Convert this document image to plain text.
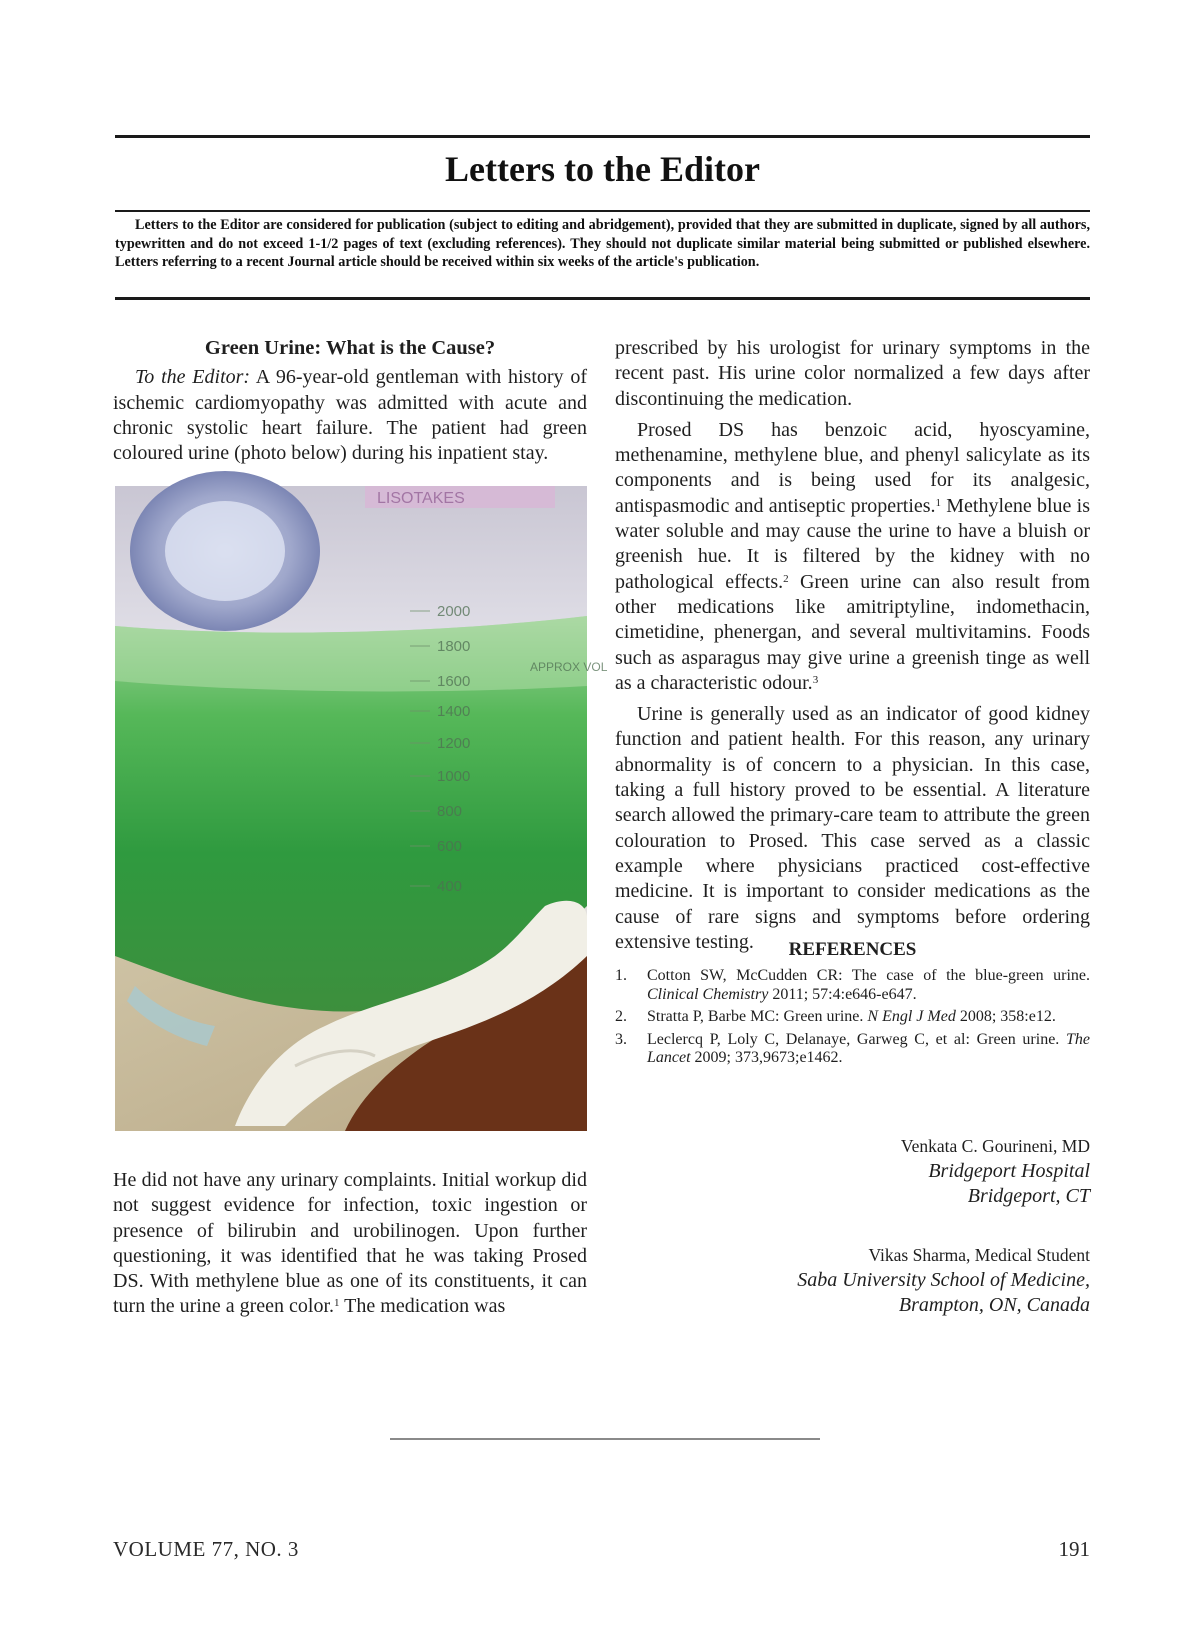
Letters to the Editor

Letters to the Editor are considered for publication (subject to editing and abridgement), provided that they are submitted in duplicate, signed by all authors, typewritten and do not exceed 1-1/2 pages of text (excluding references). They should not duplicate similar material being submitted or published elsewhere. Letters referring to a recent Journal article should be received within six weeks of the article's publication.

Green Urine: What is the Cause?

To the Editor: A 96-year-old gentleman with history of ischemic cardiomyopathy was admitted with acute and chronic systolic heart failure. The patient had green coloured urine (photo below) during his inpatient stay.

LISOTAKES
2000
1800
1600
1400
1200
1000
800
600
400
APPROX VOL

He did not have any urinary complaints. Initial workup did not suggest evidence for infection, toxic ingestion or presence of bilirubin and urobilinogen. Upon further questioning, it was identified that he was taking Prosed DS. With methylene blue as one of its constituents, it can turn the urine a green color.$^1$ The medication was

prescribed by his urologist for urinary symptoms in the recent past. His urine color normalized a few days after discontinuing the medication.

Prosed DS has benzoic acid, hyoscyamine, methenamine, methylene blue, and phenyl salicylate as its components and is being used for its analgesic, antispasmodic and antiseptic properties.$^1$ Methylene blue is water soluble and may cause the urine to have a bluish or greenish hue. It is filtered by the kidney with no pathological effects.$^2$ Green urine can also result from other medications like amitriptyline, indomethacin, cimetidine, phenergan, and several multivitamins. Foods such as asparagus may give urine a greenish tinge as well as a characteristic odour.$^3$

Urine is generally used as an indicator of good kidney function and patient health. For this reason, any urinary abnormality is of concern to a physician. In this case, taking a full history proved to be essential. A literature search allowed the primary-care team to attribute the green colouration to Prosed. This case served as a classic example where physicians practiced cost-effective medicine. It is important to consider medications as the cause of rare signs and symptoms before ordering extensive testing.	REFERENCES

1.	Cotton SW, McCudden CR: The case of the blue-green urine. Clinical Chemistry 2011; 57:4:e646-e647.
2.	Stratta P, Barbe MC: Green urine. N Engl J Med 2008; 358:e12.
3.	Leclercq P, Loly C, Delanaye, Garweg C, et al: Green urine. The Lancet 2009; 373,9673;e1462.
Venkata C. Gourineni, MD
Bridgeport Hospital
Bridgeport, CT
Vikas Sharma, Medical Student
Saba University School of Medicine,
Brampton, ON, Canada
VOLUME 77, NO. 3	191
